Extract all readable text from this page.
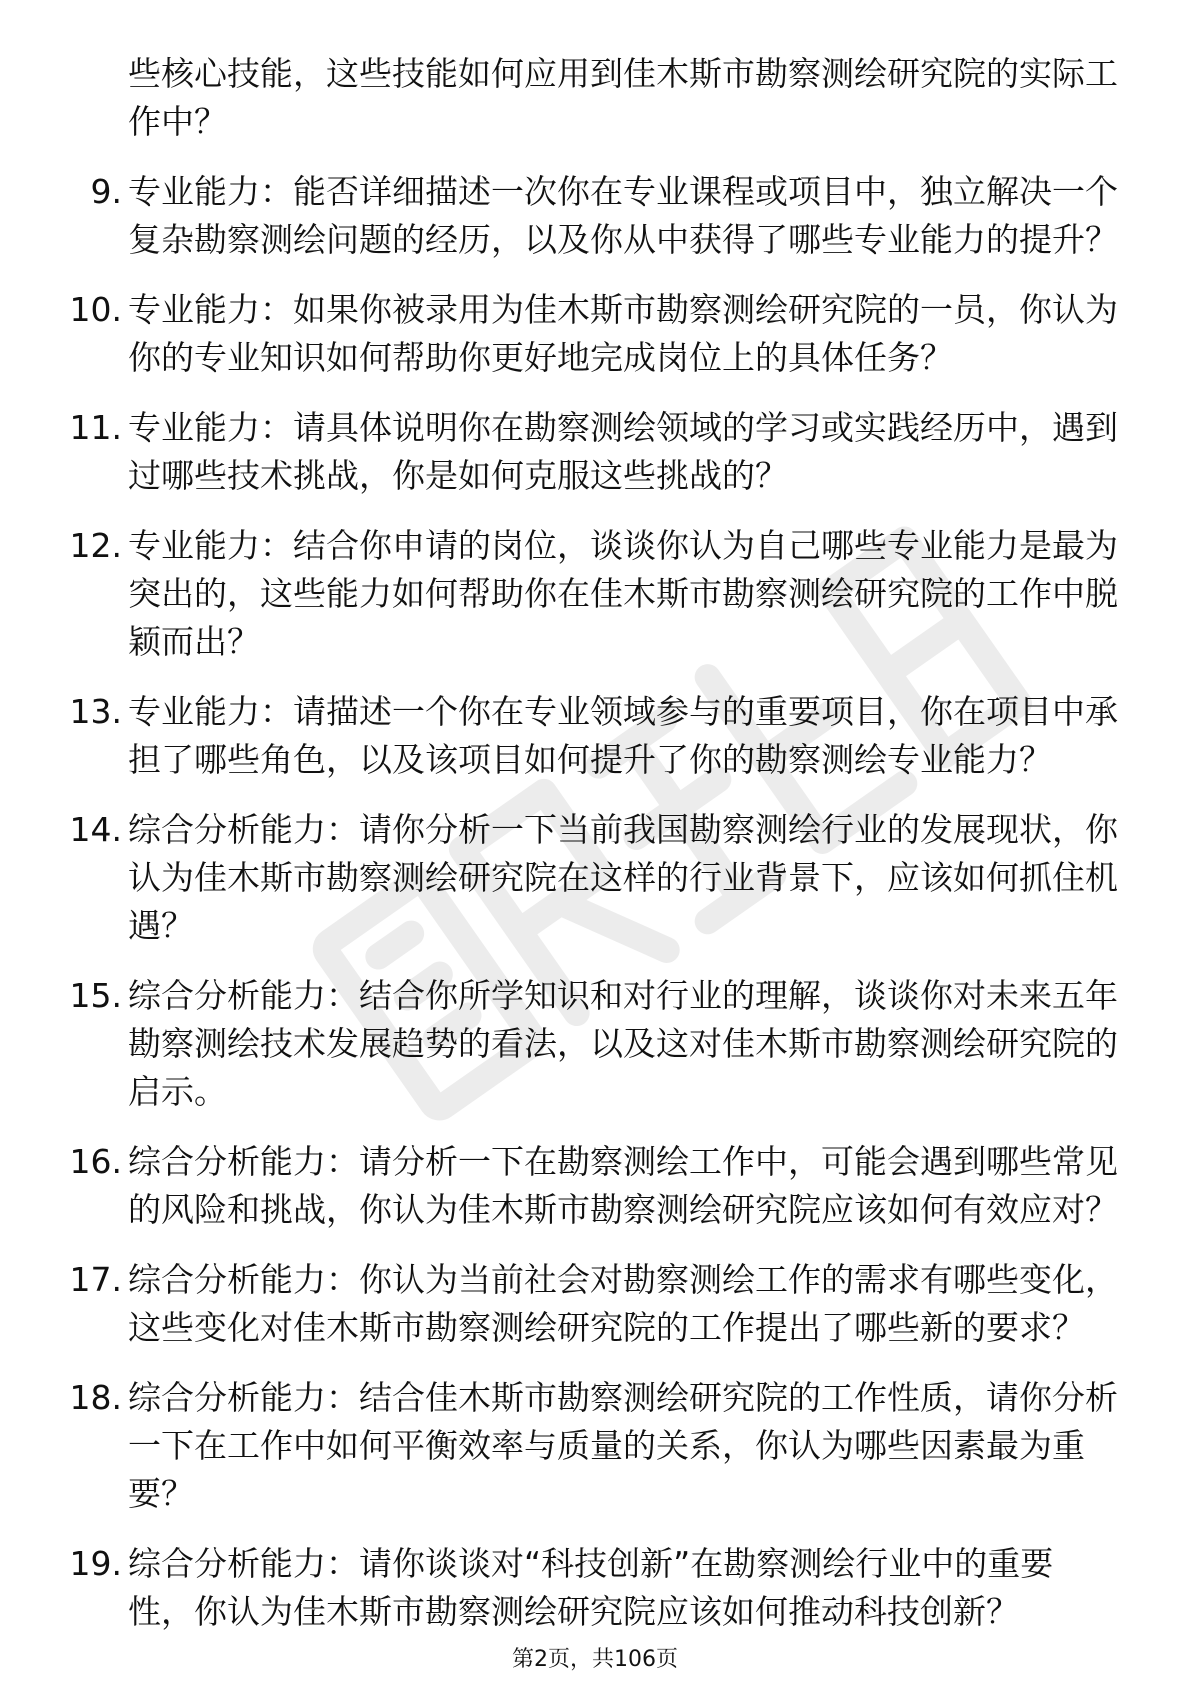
些核心技能，这些技能如何应用到佳木斯市勘察测绘研究院的实际工作中？

9. 专业能力：能否详细描述一次你在专业课程或项目中，独立解决一个复杂勘察测绘问题的经历，以及你从中获得了哪些专业能力的提升？
10. 专业能力：如果你被录用为佳木斯市勘察测绘研究院的一员，你认为你的专业知识如何帮助你更好地完成岗位上的具体任务？
11. 专业能力：请具体说明你在勘察测绘领域的学习或实践经历中，遇到过哪些技术挑战，你是如何克服这些挑战的？
12. 专业能力：结合你申请的岗位，谈谈你认为自己哪些专业能力是最为突出的，这些能力如何帮助你在佳木斯市勘察测绘研究院的工作中脱颖而出？
13. 专业能力：请描述一个你在专业领域参与的重要项目，你在项目中承担了哪些角色，以及该项目如何提升了你的勘察测绘专业能力？
14. 综合分析能力：请你分析一下当前我国勘察测绘行业的发展现状，你认为佳木斯市勘察测绘研究院在这样的行业背景下，应该如何抓住机遇？
15. 综合分析能力：结合你所学知识和对行业的理解，谈谈你对未来五年勘察测绘技术发展趋势的看法，以及这对佳木斯市勘察测绘研究院的启示。
16. 综合分析能力：请分析一下在勘察测绘工作中，可能会遇到哪些常见的风险和挑战，你认为佳木斯市勘察测绘研究院应该如何有效应对？
17. 综合分析能力：你认为当前社会对勘察测绘工作的需求有哪些变化，这些变化对佳木斯市勘察测绘研究院的工作提出了哪些新的要求？
18. 综合分析能力：结合佳木斯市勘察测绘研究院的工作性质，请你分析一下在工作中如何平衡效率与质量的关系，你认为哪些因素最为重要？
19. 综合分析能力：请你谈谈对“科技创新”在勘察测绘行业中的重要性，你认为佳木斯市勘察测绘研究院应该如何推动科技创新？
第2页，共106页
